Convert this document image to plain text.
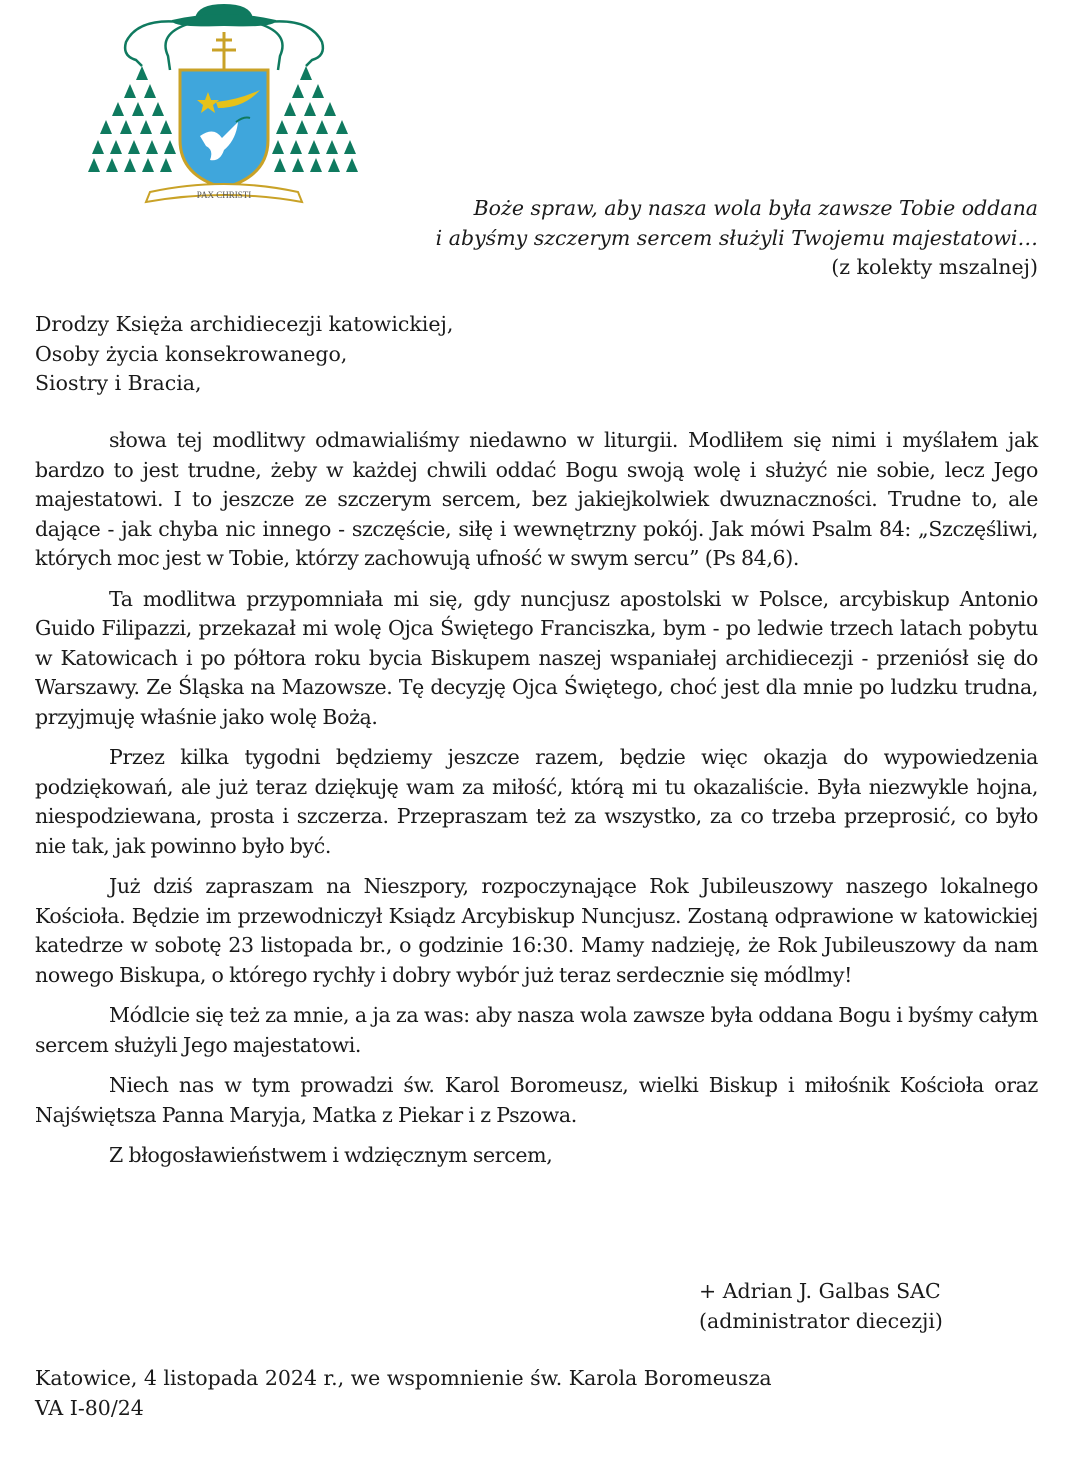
PAX CHRISTI
Boże spraw, aby nasza wola była zawsze Tobie oddana
i abyśmy szczerym sercem służyli Twojemu majestatowi…
(z kolekty mszalnej)
Drodzy Księża archidiecezji katowickiej,
Osoby życia konsekrowanego,
Siostry i Bracia,

słowa tej modlitwy odmawialiśmy niedawno w liturgii. Modliłem się nimi i myślałem jak bardzo to jest trudne, żeby w każdej chwili oddać Bogu swoją wolę i służyć nie sobie, lecz Jego majestatowi. I to jeszcze ze szczerym sercem, bez jakiejkolwiek dwuznaczności. Trudne to, ale dające - jak chyba nic innego - szczęście, siłę i wewnętrzny pokój. Jak mówi Psalm 84: „Szczęśliwi, których moc jest w Tobie, którzy zachowują ufność w swym sercu” (Ps 84,6).

Ta modlitwa przypomniała mi się, gdy nuncjusz apostolski w Polsce, arcybiskup Antonio Guido Filipazzi, przekazał mi wolę Ojca Świętego Franciszka, bym - po ledwie trzech latach pobytu w Katowicach i po półtora roku bycia Biskupem naszej wspaniałej archidiecezji - przeniósł się do Warszawy. Ze Śląska na Mazowsze. Tę decyzję Ojca Świętego, choć jest dla mnie po ludzku trudna, przyjmuję właśnie jako wolę Bożą.

Przez kilka tygodni będziemy jeszcze razem, będzie więc okazja do wypowiedzenia podziękowań, ale już teraz dziękuję wam za miłość, którą mi tu okazaliście. Była niezwykle hojna, niespodziewana, prosta i szczerza. Przepraszam też za wszystko, za co trzeba przeprosić, co było nie tak, jak powinno było być.

Już dziś zapraszam na Nieszpory, rozpoczynające Rok Jubileuszowy naszego lokalnego Kościoła. Będzie im przewodniczył Ksiądz Arcybiskup Nuncjusz. Zostaną odprawione w katowickiej katedrze w sobotę 23 listopada br., o godzinie 16:30. Mamy nadzieję, że Rok Jubileuszowy da nam nowego Biskupa, o którego rychły i dobry wybór już teraz serdecznie się módlmy!

Módlcie się też za mnie, a ja za was: aby nasza wola zawsze była oddana Bogu i byśmy całym sercem służyli Jego majestatowi.

Niech nas w tym prowadzi św. Karol Boromeusz, wielki Biskup i miłośnik Kościoła oraz Najświętsza Panna Maryja, Matka z Piekar i z Pszowa.

Z błogosławieństwem i wdzięcznym sercem,

+ Adrian J. Galbas SAC
(administrator diecezji)
Katowice, 4 listopada 2024 r., we wspomnienie św. Karola Boromeusza
VA I-80/24
